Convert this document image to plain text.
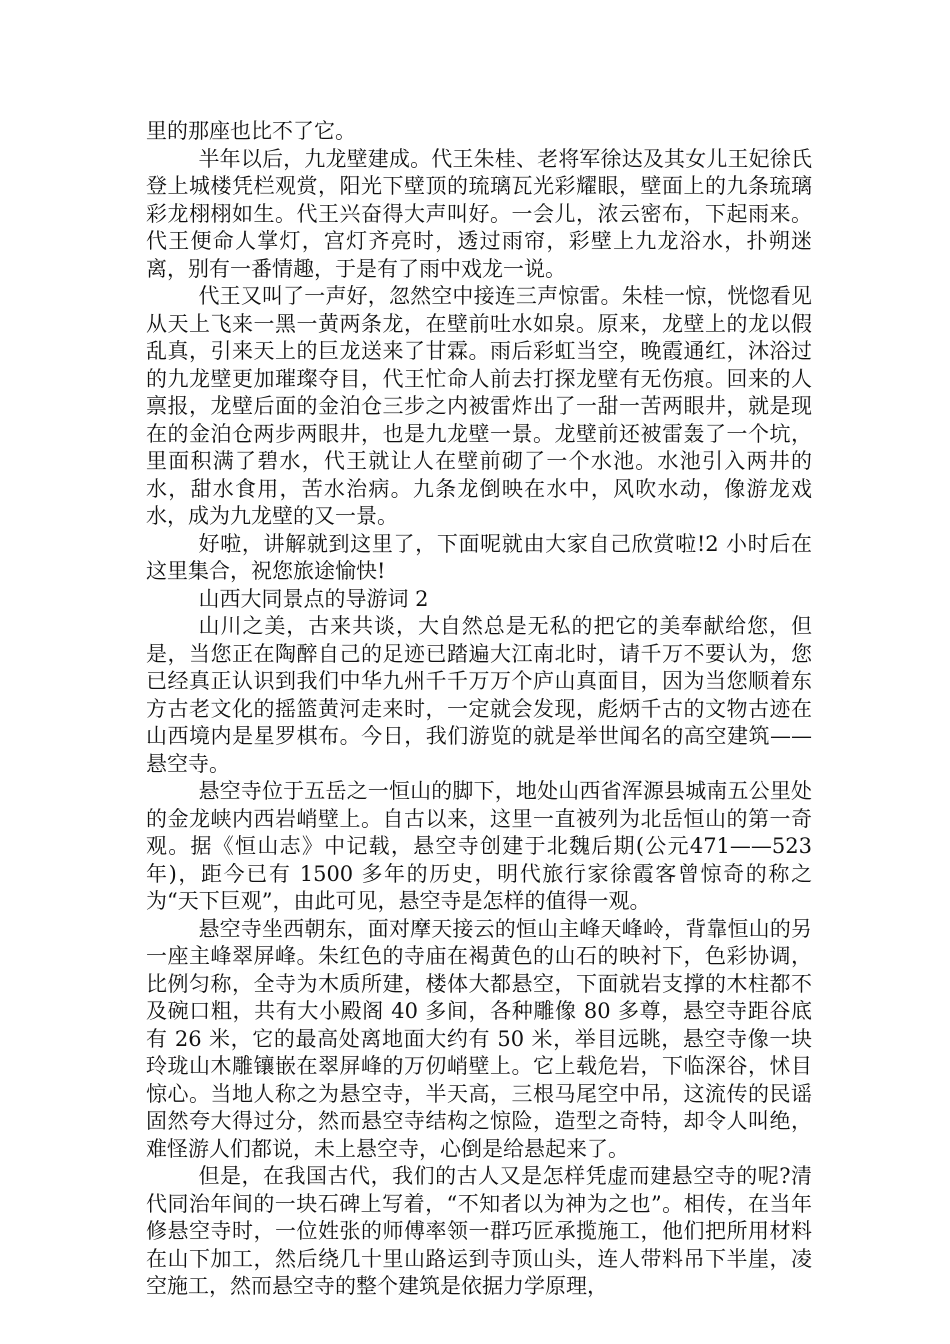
里的那座也比不了它。

半年以后，九龙壁建成。代王朱桂、老将军徐达及其女儿王妃徐氏登上城楼凭栏观赏，阳光下壁顶的琉璃瓦光彩耀眼，壁面上的九条琉璃彩龙栩栩如生。代王兴奋得大声叫好。一会儿，浓云密布，下起雨来。代王便命人掌灯，宫灯齐亮时，透过雨帘，彩壁上九龙浴水，扑朔迷离，别有一番情趣，于是有了雨中戏龙一说。

代王又叫了一声好，忽然空中接连三声惊雷。朱桂一惊，恍惚看见从天上飞来一黑一黄两条龙，在壁前吐水如泉。原来，龙壁上的龙以假乱真，引来天上的巨龙送来了甘霖。雨后彩虹当空，晚霞通红，沐浴过的九龙壁更加璀璨夺目，代王忙命人前去打探龙壁有无伤痕。回来的人禀报，龙壁后面的金泊仓三步之内被雷炸出了一甜一苦两眼井，就是现在的金泊仓两步两眼井，也是九龙壁一景。龙壁前还被雷轰了一个坑，里面积满了碧水，代王就让人在壁前砌了一个水池。水池引入两井的水，甜水食用，苦水治病。九条龙倒映在水中，风吹水动，像游龙戏水，成为九龙壁的又一景。

好啦，讲解就到这里了，下面呢就由大家自己欣赏啦!2 小时后在这里集合，祝您旅途愉快!

山西大同景点的导游词 2

山川之美，古来共谈，大自然总是无私的把它的美奉献给您，但是，当您正在陶醉自己的足迹已踏遍大江南北时，请千万不要认为，您已经真正认识到我们中华九州千千万万个庐山真面目，因为当您顺着东方古老文化的摇篮黄河走来时，一定就会发现，彪炳千古的文物古迹在山西境内是星罗棋布。今日，我们游览的就是举世闻名的高空建筑——悬空寺。

悬空寺位于五岳之一恒山的脚下，地处山西省浑源县城南五公里处的金龙峡内西岩峭壁上。自古以来，这里一直被列为北岳恒山的第一奇观。据《恒山志》中记载，悬空寺创建于北魏后期(公元471——523 年)，距今已有 1500 多年的历史，明代旅行家徐霞客曾惊奇的称之为“天下巨观”，由此可见，悬空寺是怎样的值得一观。

悬空寺坐西朝东，面对摩天接云的恒山主峰天峰岭，背靠恒山的另一座主峰翠屏峰。朱红色的寺庙在褐黄色的山石的映衬下，色彩协调，比例匀称，全寺为木质所建，楼体大都悬空，下面就岩支撑的木柱都不及碗口粗，共有大小殿阁 40 多间，各种雕像 80 多尊，悬空寺距谷底有 26 米，它的最高处离地面大约有 50 米，举目远眺，悬空寺像一块玲珑山木雕镶嵌在翠屏峰的万仞峭壁上。它上载危岩，下临深谷，怵目惊心。当地人称之为悬空寺，半天高，三根马尾空中吊，这流传的民谣固然夸大得过分，然而悬空寺结构之惊险，造型之奇特，却令人叫绝，难怪游人们都说，未上悬空寺，心倒是给悬起来了。

但是，在我国古代，我们的古人又是怎样凭虚而建悬空寺的呢?清代同治年间的一块石碑上写着，“不知者以为神为之也”。相传，在当年修悬空寺时，一位姓张的师傅率领一群巧匠承揽施工，他们把所用材料在山下加工，然后绕几十里山路运到寺顶山头，连人带料吊下半崖，凌空施工，然而悬空寺的整个建筑是依据力学原理，
